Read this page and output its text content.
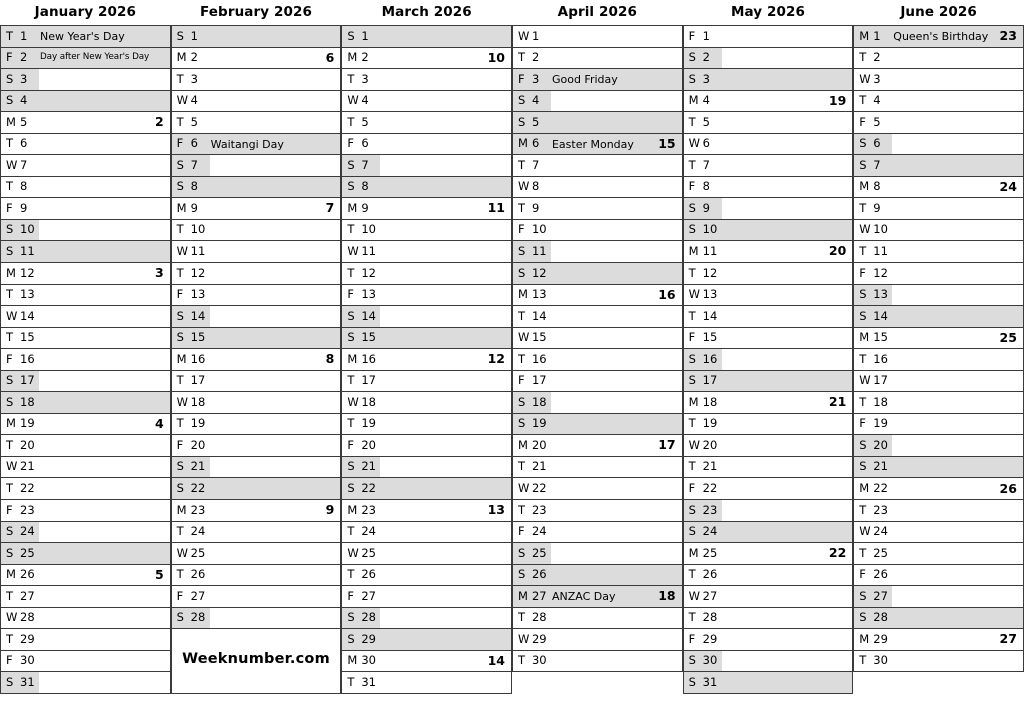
January 2026
T 1	New Year's Day
F 2	Day after New Year's Day
S 3
S 4
M 5	2
T 6
W 7
T 8
F 9
S 10
S 11
M 12	3
T 13
W 14
T 15
F 16
S 17
S 18
M 19	4
T 20
W 21
T 22
F 23
S 24
S 25
M 26	5
T 27
W 28
T 29
F 30
S 31
February 2026
S 1
M 2	6
T 3
W 4
T 5
F 6	Waitangi Day
S 7
S 8
M 9	7
T 10
W 11
T 12
F 13
S 14
S 15
M 16	8
T 17
W 18
T 19
F 20
S 21
S 22
M 23	9
T 24
W 25
T 26
F 27
S 28
Weeknumber.com
March 2026
S 1
M 2	10
T 3
W 4
T 5
F 6
S 7
S 8
M 9	11
T 10
W 11
T 12
F 13
S 14
S 15
M 16	12
T 17
W 18
T 19
F 20
S 21
S 22
M 23	13
T 24
W 25
T 26
F 27
S 28
S 29
M 30	14
T 31
April 2026
W 1
T 2
F 3	Good Friday
S 4
S 5
M 6	Easter Monday	15
T 7
W 8
T 9
F 10
S 11
S 12
M 13	16
T 14
W 15
T 16
F 17
S 18
S 19
M 20	17
T 21
W 22
T 23
F 24
S 25
S 26
M 27 ANZAC Day	18
T 28
W 29
T 30
May 2026
F 1
S 2
S 3
M 4	19
T 5
W 6
T 7
F 8
S 9
S 10
M 11	20
T 12
W 13
T 14
F 15
S 16
S 17
M 18	21
T 19
W 20
T 21
F 22
S 23
S 24
M 25	22
T 26
W 27
T 28
F 29
S 30
S 31
June 2026
M 1	Queen's Birthday 23
T 2
W 3
T 4
F 5
S 6
S 7
M 8	24
T 9
W 10
T 11
F 12
S 13
S 14
M 15	25
T 16
W 17
T 18
F 19
S 20
S 21
M 22	26
T 23
W 24
T 25
F 26
S 27
S 28
M 29	27
T 30
